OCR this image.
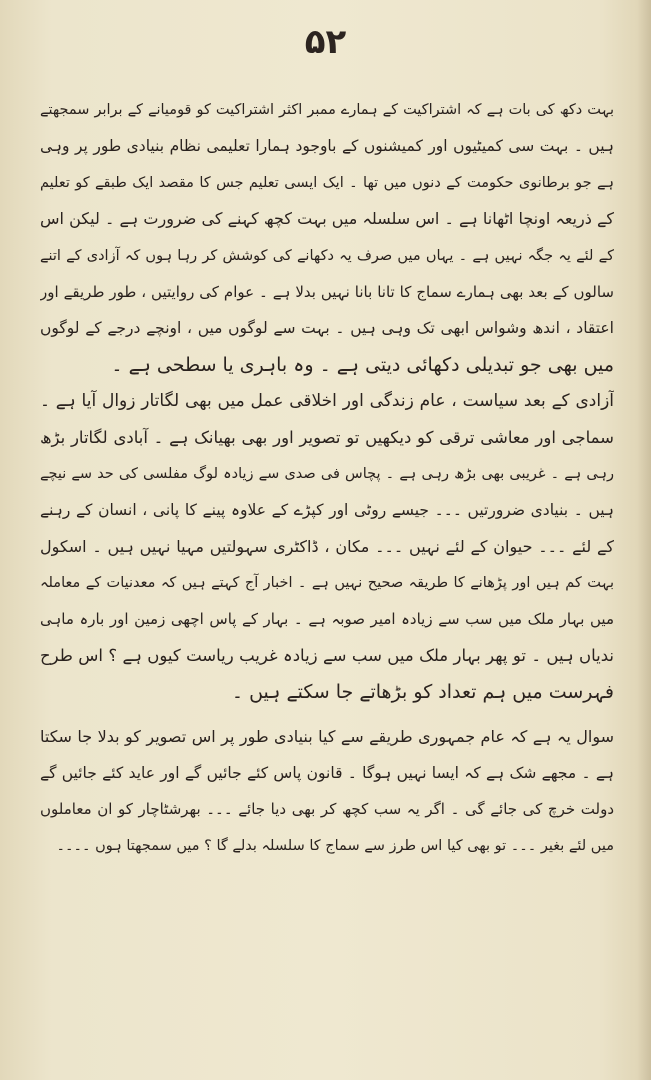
۵۲
بہت دکھ کی بات ہے کہ اشتراکیت کے ہمارے ممبر اکثر اشتراکیت کو قومیانے کے برابر سمجھتے
ہیں ۔ بہت سی کمیٹیوں اور کمیشنوں کے باوجود ہمارا تعلیمی نظام بنیادی طور پر وہی
ہے جو برطانوی حکومت کے دنوں میں تھا ۔ ایک ایسی تعلیم جس کا مقصد ایک طبقے کو تعلیم
کے ذریعہ اونچا اٹھانا ہے ۔ اس سلسلہ میں بہت کچھ کہنے کی ضرورت ہے ۔ لیکن اس
کے لئے یہ جگہ نہیں ہے ۔ یہاں میں صرف یہ دکھانے کی کوشش کر رہا ہوں کہ آزادی کے اتنے
سالوں کے بعد بھی ہمارے سماج کا تانا بانا نہیں بدلا ہے ۔ عوام کی روایتیں ، طور طریقے اور
اعتقاد ، اندھ وشواس ابھی تک وہی ہیں ۔ بہت سے لوگوں میں ، اونچے درجے کے لوگوں
میں بھی جو تبدیلی دکھائی دیتی ہے ۔ وہ باہری یا سطحی ہے ۔
آزادی کے بعد سیاست ، عام زندگی اور اخلاقی عمل میں بھی لگاتار زوال آیا ہے ۔
سماجی اور معاشی ترقی کو دیکھیں تو تصویر اور بھی بھیانک ہے ۔ آبادی لگاتار بڑھ
رہی ہے ۔ غریبی بھی بڑھ رہی ہے ۔ پچاس فی صدی سے زیادہ لوگ مفلسی کی حد سے نیچے
ہیں ۔ بنیادی ضرورتیں ۔۔۔ جیسے روٹی اور کپڑے کے علاوہ پینے کا پانی ، انسان کے رہنے
کے لئے ۔۔۔ حیوان کے لئے نہیں ۔۔۔ مکان ، ڈاکٹری سہولتیں مہیا نہیں ہیں ۔ اسکول
بہت کم ہیں اور پڑھانے کا طریقہ صحیح نہیں ہے ۔ اخبار آج کہتے ہیں کہ معدنیات کے معاملہ
میں بہار ملک میں سب سے زیادہ امیر صوبہ ہے ۔ بہار کے پاس اچھی زمین اور بارہ ماہی
ندیاں ہیں ۔ تو پھر بہار ملک میں سب سے زیادہ غریب ریاست کیوں ہے ؟ اس طرح
فہرست میں ہم تعداد کو بڑھاتے جا سکتے ہیں ۔
سوال یہ ہے کہ عام جمہوری طریقے سے کیا بنیادی طور پر اس تصویر کو بدلا جا سکتا
ہے ۔ مجھے شک ہے کہ ایسا نہیں ہوگا ۔ قانون پاس کئے جائیں گے اور عاید کئے جائیں گے
دولت خرچ کی جائے گی ۔ اگر یہ سب کچھ کر بھی دیا جائے ۔۔۔ بھرشٹاچار کو ان معاملوں
میں لئے بغیر ۔۔۔ تو بھی کیا اس طرز سے سماج کا سلسلہ بدلے گا ؟ میں سمجھتا ہوں ۔۔۔۔
